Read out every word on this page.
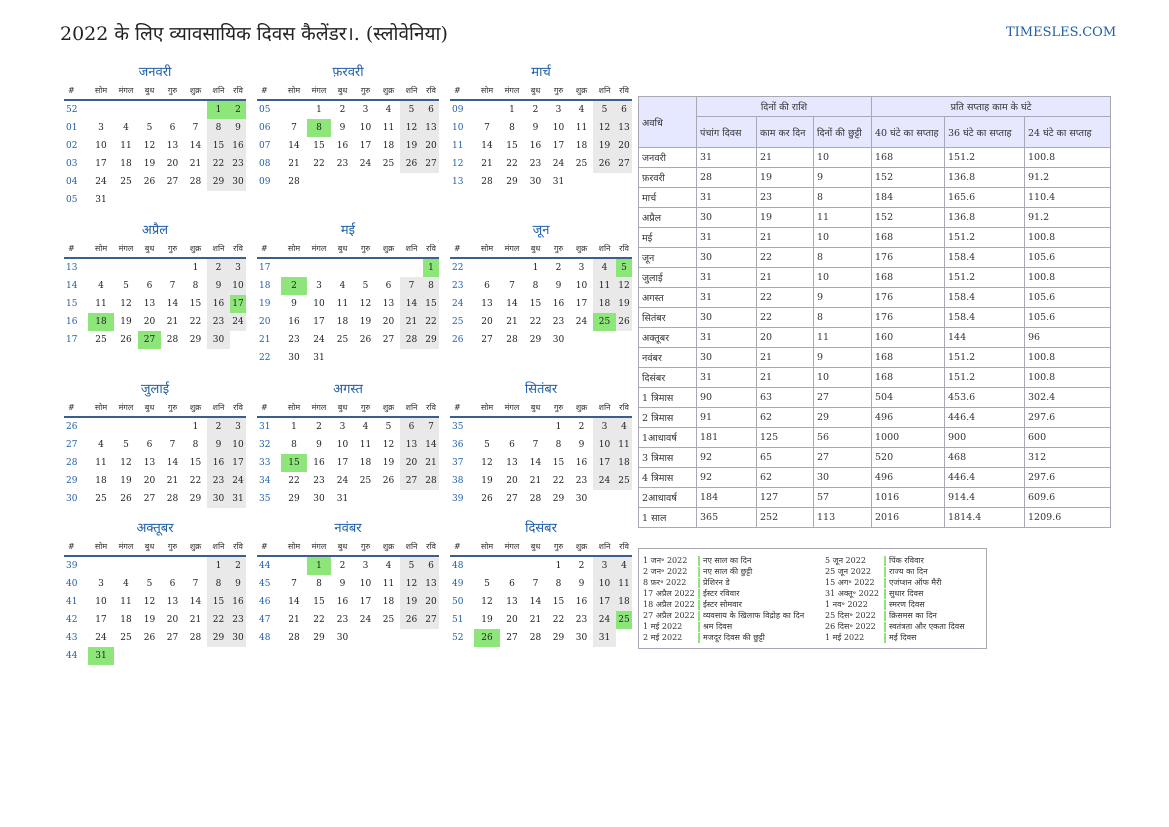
2022 के लिए व्यावसायिक दिवस कैलेंडर।. (स्लोवेनिया)	TIMESLES.COM
जनवरी
#	सोम	मंगल	बुध	गुरु	शुक्र	शनि	रवि
52						1	2
01	3	4	5	6	7	8	9
02	10	11	12	13	14	15	16
03	17	18	19	20	21	22	23
04	24	25	26	27	28	29	30
05	31						
फ़रवरी
#	सोम	मंगल	बुध	गुरु	शुक्र	शनि	रवि
05		1	2	3	4	5	6
06	7	8	9	10	11	12	13
07	14	15	16	17	18	19	20
08	21	22	23	24	25	26	27
09	28						
मार्च
#	सोम	मंगल	बुध	गुरु	शुक्र	शनि	रवि
09		1	2	3	4	5	6
10	7	8	9	10	11	12	13
11	14	15	16	17	18	19	20
12	21	22	23	24	25	26	27
13	28	29	30	31			
अप्रैल
#	सोम	मंगल	बुध	गुरु	शुक्र	शनि	रवि
13					1	2	3
14	4	5	6	7	8	9	10
15	11	12	13	14	15	16	17
16	18	19	20	21	22	23	24
17	25	26	27	28	29	30	
मई
#	सोम	मंगल	बुध	गुरु	शुक्र	शनि	रवि
17							1
18	2	3	4	5	6	7	8
19	9	10	11	12	13	14	15
20	16	17	18	19	20	21	22
21	23	24	25	26	27	28	29
22	30	31					
जून
#	सोम	मंगल	बुध	गुरु	शुक्र	शनि	रवि
22			1	2	3	4	5
23	6	7	8	9	10	11	12
24	13	14	15	16	17	18	19
25	20	21	22	23	24	25	26
26	27	28	29	30			
जुलाई
#	सोम	मंगल	बुध	गुरु	शुक्र	शनि	रवि
26					1	2	3
27	4	5	6	7	8	9	10
28	11	12	13	14	15	16	17
29	18	19	20	21	22	23	24
30	25	26	27	28	29	30	31
अगस्त
#	सोम	मंगल	बुध	गुरु	शुक्र	शनि	रवि
31	1	2	3	4	5	6	7
32	8	9	10	11	12	13	14
33	15	16	17	18	19	20	21
34	22	23	24	25	26	27	28
35	29	30	31				
सितंबर
#	सोम	मंगल	बुध	गुरु	शुक्र	शनि	रवि
35				1	2	3	4
36	5	6	7	8	9	10	11
37	12	13	14	15	16	17	18
38	19	20	21	22	23	24	25
39	26	27	28	29	30		
अक्तूबर
#	सोम	मंगल	बुध	गुरु	शुक्र	शनि	रवि
39						1	2
40	3	4	5	6	7	8	9
41	10	11	12	13	14	15	16
42	17	18	19	20	21	22	23
43	24	25	26	27	28	29	30
44	31						
नवंबर
#	सोम	मंगल	बुध	गुरु	शुक्र	शनि	रवि
44		1	2	3	4	5	6
45	7	8	9	10	11	12	13
46	14	15	16	17	18	19	20
47	21	22	23	24	25	26	27
48	28	29	30				
दिसंबर
#	सोम	मंगल	बुध	गुरु	शुक्र	शनि	रवि
48				1	2	3	4
49	5	6	7	8	9	10	11
50	12	13	14	15	16	17	18
51	19	20	21	22	23	24	25
52	26	27	28	29	30	31	
अवधि	दिनों की राशि			प्रति सप्ताह काम के घंटे		
	पंचांग दिवस	काम कर दिन	दिनों की छुट्टी	40 घंटे का सप्ताह	36 घंटे का सप्ताह	24 घंटे का सप्ताह
जनवरी	31	21	10	168	151.2	100.8
फ़रवरी	28	19	9	152	136.8	91.2
मार्च	31	23	8	184	165.6	110.4
अप्रैल	30	19	11	152	136.8	91.2
मई	31	21	10	168	151.2	100.8
जून	30	22	8	176	158.4	105.6
जुलाई	31	21	10	168	151.2	100.8
अगस्त	31	22	9	176	158.4	105.6
सितंबर	30	22	8	176	158.4	105.6
अक्तूबर	31	20	11	160	144	96
नवंबर	30	21	9	168	151.2	100.8
दिसंबर	31	21	10	168	151.2	100.8
1 त्रिमास	90	63	27	504	453.6	302.4
2 त्रिमास	91	62	29	496	446.4	297.6
1आधावर्ष	181	125	56	1000	900	600
3 त्रिमास	92	65	27	520	468	312
4 त्रिमास	92	62	30	496	446.4	297.6
2आधावर्ष	184	127	57	1016	914.4	609.6
1 साल	365	252	113	2016	1814.4	1209.6
1 जन॰ 2022 नए साल का दिन
2 जन॰ 2022 नए साल की छुट्टी
8 फ़र॰ 2022 प्रेशिरन डे
17 अप्रैल 2022 ईस्टर रविवार
18 अप्रैल 2022 ईस्टर सोमवार
27 अप्रैल 2022 व्यवसाय के खिलाफ विद्रोह का दिन
1 मई 2022	श्रम दिवस
2 मई 2022	मजदूर दिवस की छुट्टी
5 जून 2022	पिंक रविवार
25 जून 2022 राज्य का दिन
15 अग॰ 2022 एजंप्शन ऑफ मैरी
31 अक्तू॰ 2022 सुधार दिवस
1 नव॰ 2022	स्मरण दिवस
25 दिस॰ 2022 क्रिसमस का दिन
26 दिस॰ 2022 स्वतंत्रता और एकता दिवस
1 मई 2022	मई दिवस
